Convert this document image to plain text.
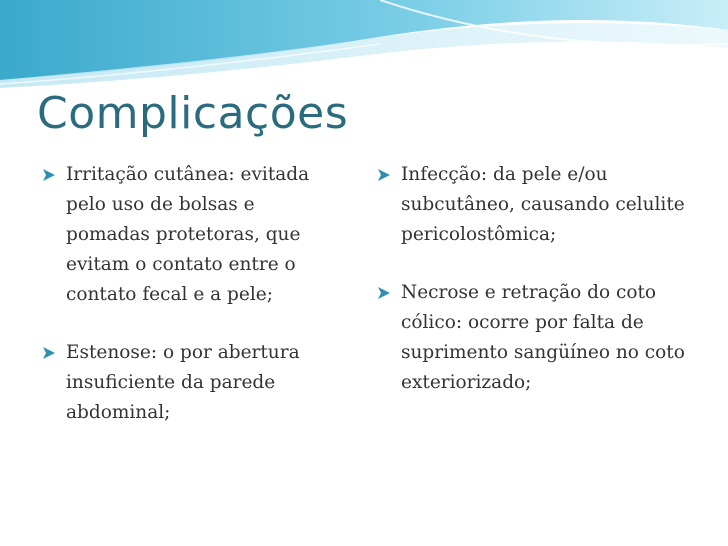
Complicações
Irritação cutânea: evitada pelo uso de bolsas e pomadas protetoras, que evitam o contato entre o contato fecal e a pele;
Estenose: o por abertura insuficiente da parede abdominal;
Infecção: da pele e/ou subcutâneo, causando celulite pericolostômica;
Necrose e retração do coto cólico: ocorre por falta de suprimento sangüíneo no coto exteriorizado;
